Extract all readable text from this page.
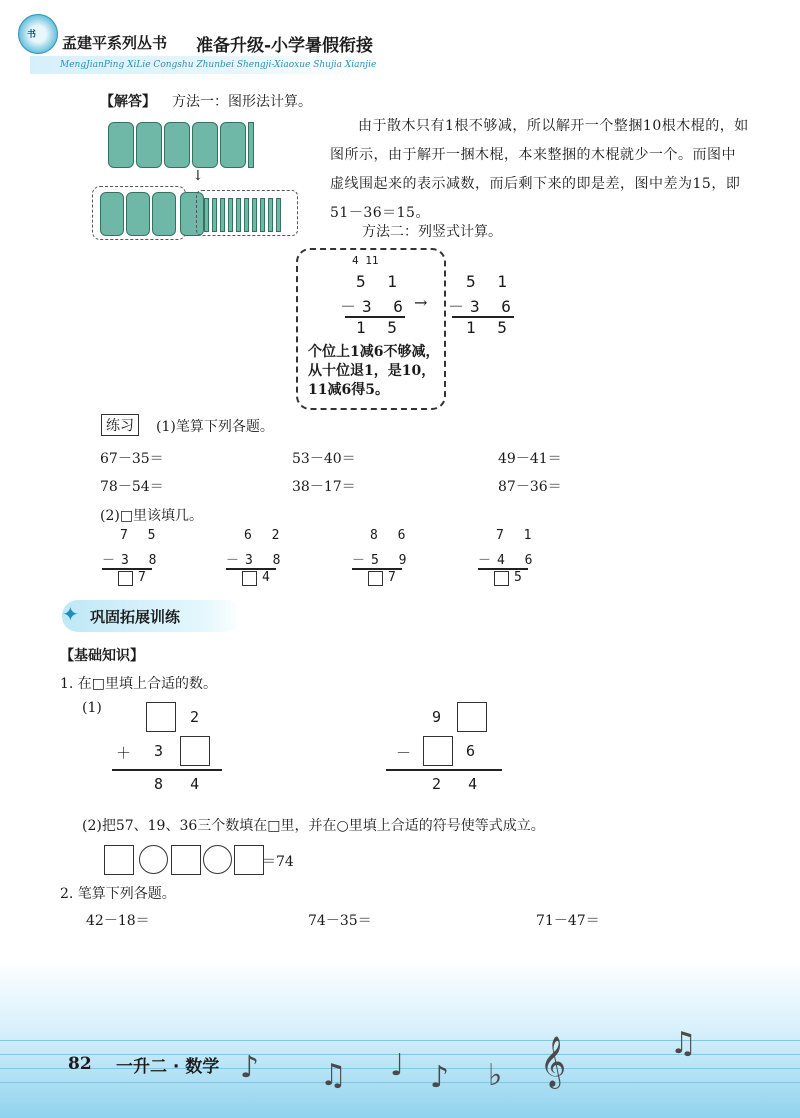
书 孟建平系列丛书 准备升级-小学暑假衔接
MengJianPing XiLie Congshu Zhunbei Shengji-Xiaoxue Shujia Xianjie
【解答】 方法一：图形法计算。
↓
由于散木只有1根不够减，所以解开一个整捆10根木棍的，如图所示，由于解开一捆木棍，本来整捆的木棍就少一个。而图中虚线围起来的表示减数，而后剩下来的即是差，图中差为15，即51－36＝15。
方法二：列竖式计算。
4 11
5 1
－3 6
1 5
→
5 1
－3 6
1 5
个位上1减6不够减，从十位退1，是10，11减6得5。
练习	(1)笔算下列各题。
67－35＝	53－40＝	49－41＝
78－54＝	38－17＝	87－36＝
(2)□里该填几。
7 5
－3 8
7
6 2
－3 8
4
8 6
－5 9
7
7 1
－4 6
5
✦ 巩固拓展训练
【基础知识】
1. 在□里填上合适的数。
(1)	2
＋ 3
8   4
9
－	6
2   4
(2)把57、19、36三个数填在□里，并在○里填上合适的符号使等式成立。
＝74
2. 笔算下列各题。
42－18＝	74－35＝	71－47＝
♪ ♫ ♩ ♪ ♭ 𝄞	♫
82 一升二 · 数学
